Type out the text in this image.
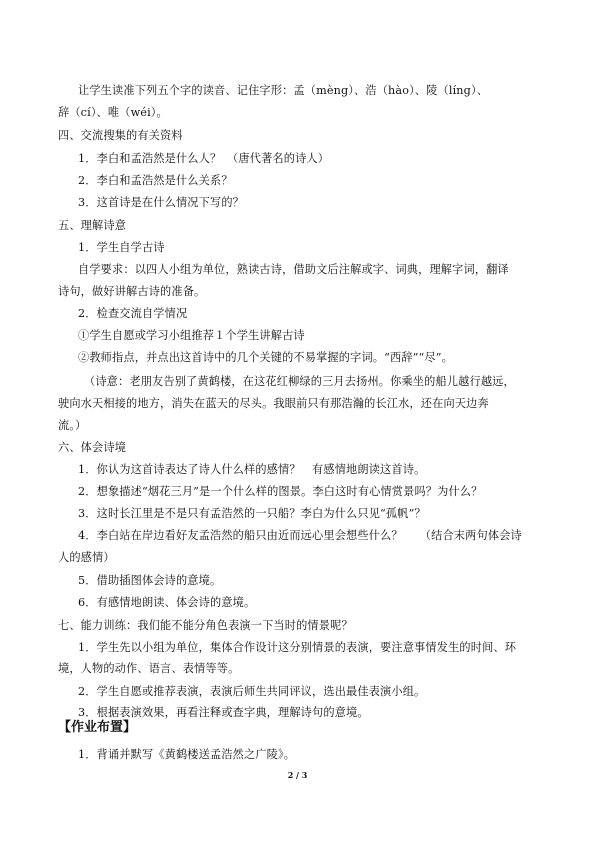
让学生读准下列五个字的读音、记住字形：孟（mèng）、浩（hào）、陵（líng）、
辞（cí）、唯（wéi）。
四、交流搜集的有关资料
1．李白和孟浩然是什么人？　（唐代著名的诗人）
2．李白和孟浩然是什么关系？
3．这首诗是在什么情况下写的？
五、理解诗意
1．学生自学古诗
自学要求：以四人小组为单位，熟读古诗，借助文后注解或字、词典，理解字词，翻译
诗句，做好讲解古诗的准备。
2．检查交流自学情况
①学生自愿或学习小组推荐１个学生讲解古诗
②教师指点，并点出这首诗中的几个关键的不易掌握的字词。“西辞”“尽”。
（诗意：老朋友告别了黄鹤楼，在这花红柳绿的三月去扬州。你乘坐的船儿越行越远，
驶向水天相接的地方，消失在蓝天的尽头。我眼前只有那浩瀚的长江水，还在向天边奔
流。）
六、体会诗境
1．你认为这首诗表达了诗人什么样的感情？　有感情地朗读这首诗。
2．想象描述“烟花三月”是一个什么样的图景。李白这时有心情赏景吗？为什么？
3．这时长江里是不是只有孟浩然的一只船？李白为什么只见“孤帆”？
4．李白站在岸边看好友孟浩然的船只由近而远心里会想些什么？　　（结合末两句体会诗
人的感情）
5．借助插图体会诗的意境。
6．有感情地朗读、体会诗的意境。
七、能力训练：我们能不能分角色表演一下当时的情景呢？
1．学生先以小组为单位，集体合作设计这分别情景的表演，要注意事情发生的时间、环
境，人物的动作、语言、表情等等。
2．学生自愿或推荐表演，表演后师生共同评议，选出最佳表演小组。
3．根据表演效果，再看注释或查字典，理解诗句的意境。
【作业布置】
1．背诵并默写《黄鹤楼送孟浩然之广陵》。
2 / 3
